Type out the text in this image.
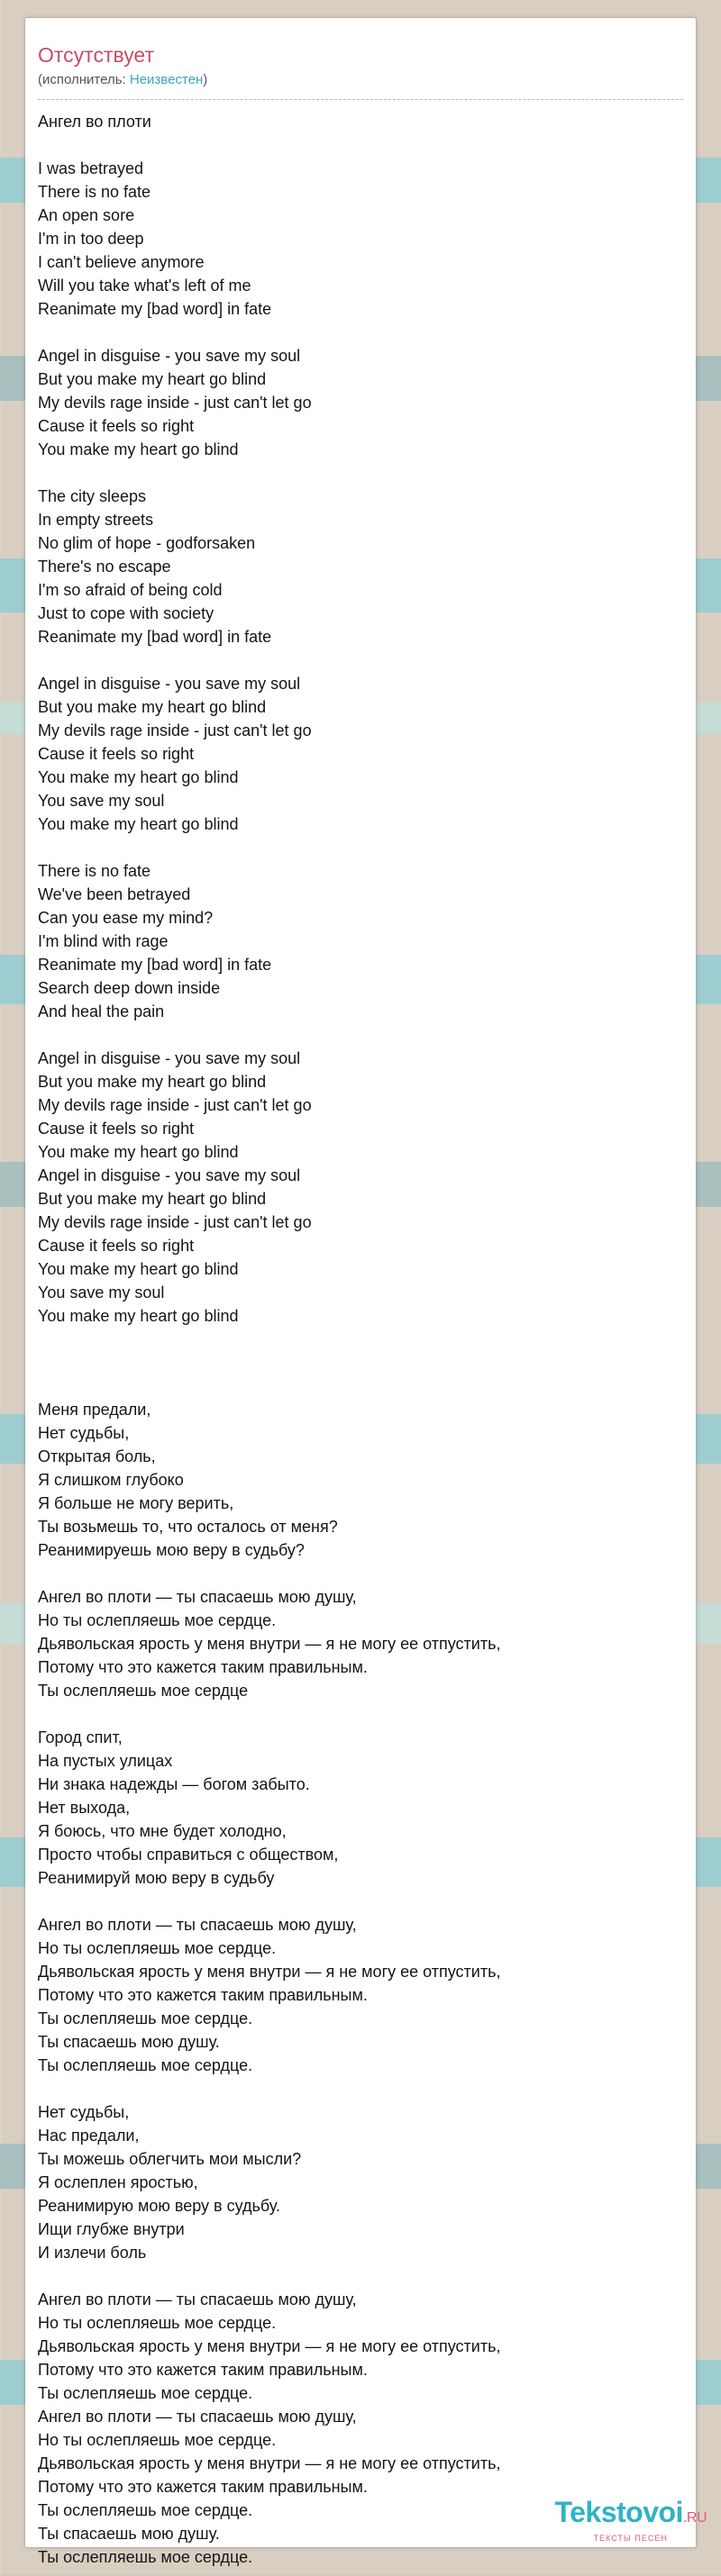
Отсутствует
(исполнитель: Неизвестен)
Ангел во плоти
I was betrayed
There is no fate
An open sore
I'm in too deep
I can't believe anymore
Will you take what's left of me
Reanimate my [bad word] in fate
Angel in disguise - you save my soul
But you make my heart go blind
My devils rage inside - just can't let go
Cause it feels so right
You make my heart go blind
The city sleeps
In empty streets
No glim of hope - godforsaken
There's no escape
I'm so afraid of being cold
Just to cope with society
Reanimate my [bad word] in fate
Angel in disguise - you save my soul
But you make my heart go blind
My devils rage inside - just can't let go
Cause it feels so right
You make my heart go blind
You save my soul
You make my heart go blind
There is no fate
We've been betrayed
Can you ease my mind?
I'm blind with rage
Reanimate my [bad word] in fate
Search deep down inside
And heal the pain
Angel in disguise - you save my soul
But you make my heart go blind
My devils rage inside - just can't let go
Cause it feels so right
You make my heart go blind
Angel in disguise - you save my soul
But you make my heart go blind
My devils rage inside - just can't let go
Cause it feels so right
You make my heart go blind
You save my soul
You make my heart go blind
Меня предали,
Нет судьбы,
Открытая боль,
Я слишком глубоко
Я больше не могу верить,
Ты возьмешь то, что осталось от меня?
Реанимируешь мою веру в судьбу?
Ангел во плоти — ты спасаешь мою душу,
Но ты ослепляешь мое сердце.
Дьявольская ярость у меня внутри — я не могу ее отпустить,
Потому что это кажется таким правильным.
Ты ослепляешь мое сердце
Город спит,
На пустых улицах
Ни знака надежды — богом забыто.
Нет выхода,
Я боюсь, что мне будет холодно,
Просто чтобы справиться с обществом,
Реанимируй мою веру в судьбу
Ангел во плоти — ты спасаешь мою душу,
Но ты ослепляешь мое сердце.
Дьявольская ярость у меня внутри — я не могу ее отпустить,
Потому что это кажется таким правильным.
Ты ослепляешь мое сердце.
Ты спасаешь мою душу.
Ты ослепляешь мое сердце.
Нет судьбы,
Нас предали,
Ты можешь облегчить мои мысли?
Я ослеплен яростью,
Реанимирую мою веру в судьбу.
Ищи глубже внутри
И излечи боль
Ангел во плоти — ты спасаешь мою душу,
Но ты ослепляешь мое сердце.
Дьявольская ярость у меня внутри — я не могу ее отпустить,
Потому что это кажется таким правильным.
Ты ослепляешь мое сердце.
Ангел во плоти — ты спасаешь мою душу,
Но ты ослепляешь мое сердце.
Дьявольская ярость у меня внутри — я не могу ее отпустить,
Потому что это кажется таким правильным.
Ты ослепляешь мое сердце.
Ты спасаешь мою душу.
Ты ослепляешь мое сердце.
Tekstovoi.RU
ТЕКСТЫ ПЕСЕН
